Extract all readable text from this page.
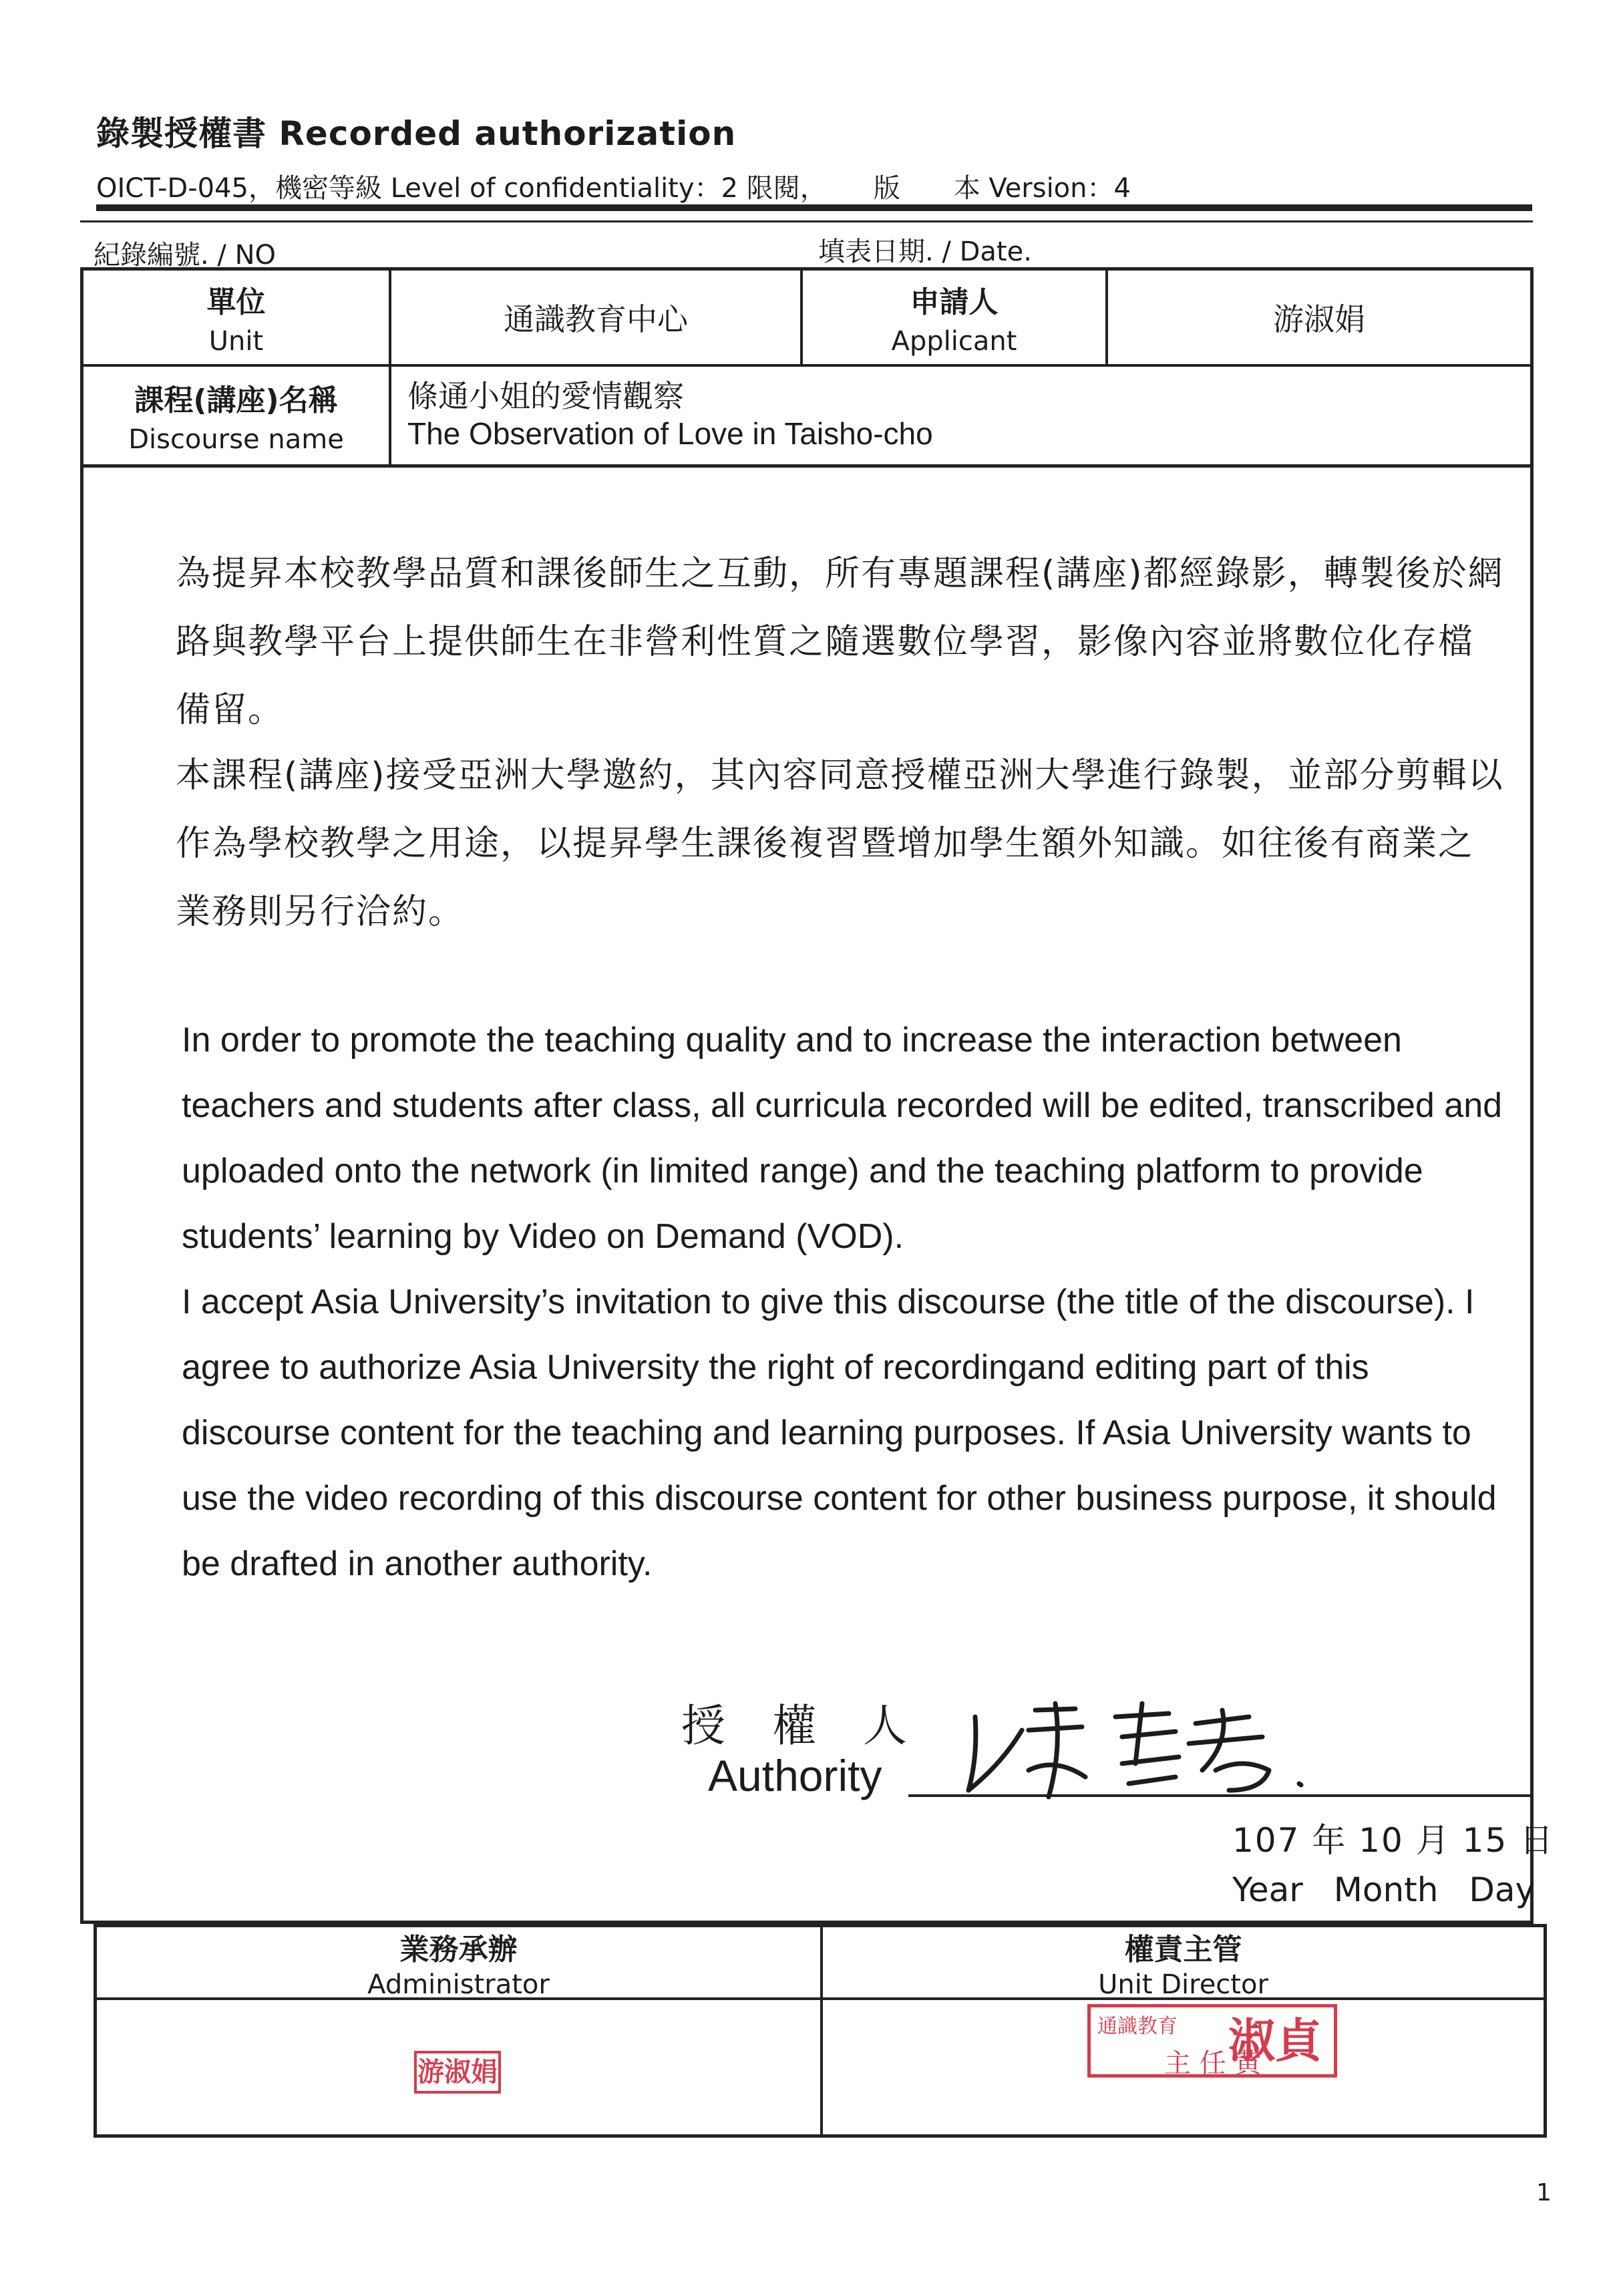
錄製授權書 Recorded authorization
OICT-D-045，機密等級 Level of confidentiality：2 限閱， 版　　本 Version：4
紀錄編號. / NO	填表日期. / Date.
單位
Unit
通識教育中心	申請人
Applicant
游淑娟
課程(講座)名稱
Discourse name
條通小姐的愛情觀察
The Observation of Love in Taisho-cho
為提昇本校教學品質和課後師生之互動，所有專題課程(講座)都經錄影，轉製後於網路與教學平台上提供師生在非營利性質之隨選數位學習，影像內容並將數位化存檔備留。
本課程(講座)接受亞洲大學邀約，其內容同意授權亞洲大學進行錄製，並部分剪輯以作為學校教學之用途，以提昇學生課後複習暨增加學生額外知識。如往後有商業之業務則另行洽約。
In order to promote the teaching quality and to increase the interaction between teachers and students after class, all curricula recorded will be edited, transcribed and uploaded onto the network (in limited range) and the teaching platform to provide students’ learning by Video on Demand (VOD).
I accept Asia University’s invitation to give this discourse (the title of the discourse). I agree to authorize Asia University the right of recordingand editing part of this discourse content for the teaching and learning purposes. If Asia University wants to use the video recording of this discourse content for other business purpose, it should be drafted in another authority.
授權人
Authority
107 年 10 月 15 日
Year Month Day
業務承辦
Administrator
權責主管
Unit Director
游淑娟
通識教育
主 任 黄
淑貞
1
